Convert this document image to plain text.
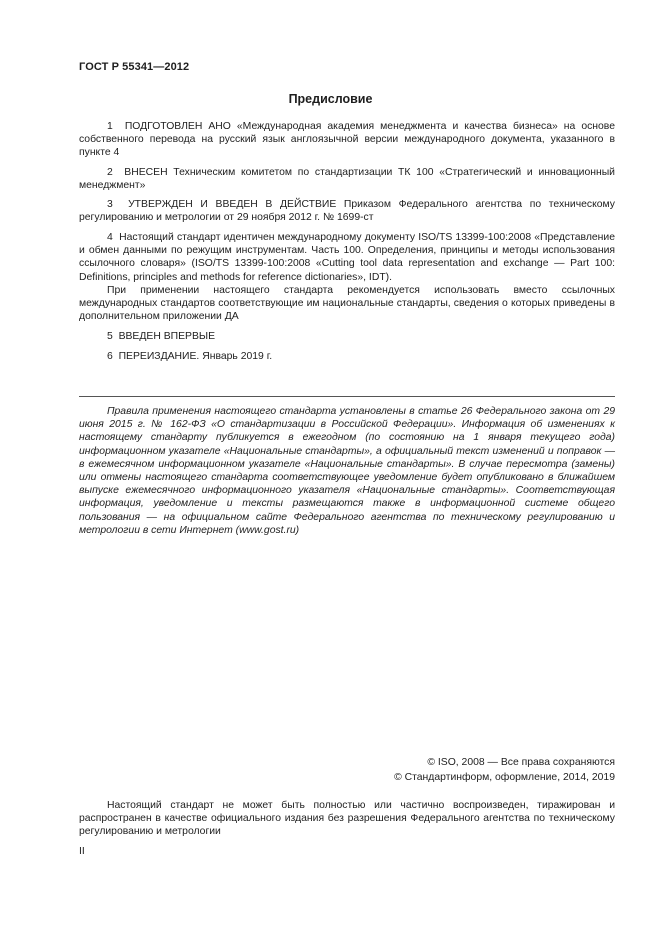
ГОСТ Р 55341—2012
Предисловие
1 ПОДГОТОВЛЕН АНО «Международная академия менеджмента и качества бизнеса» на основе собственного перевода на русский язык англоязычной версии международного документа, указанного в пункте 4
2 ВНЕСЕН Техническим комитетом по стандартизации ТК 100 «Стратегический и инновационный менеджмент»
3 УТВЕРЖДЕН И ВВЕДЕН В ДЕЙСТВИЕ Приказом Федерального агентства по техническому регулированию и метрологии от 29 ноября 2012 г. № 1699-ст
4 Настоящий стандарт идентичен международному документу ISO/TS 13399-100:2008 «Представление и обмен данными по режущим инструментам. Часть 100. Определения, принципы и методы использования ссылочного словаря» (ISO/TS 13399-100:2008 «Cutting tool data representation and exchange — Part 100: Definitions, principles and methods for reference dictionaries», IDT).
При применении настоящего стандарта рекомендуется использовать вместо ссылочных международных стандартов соответствующие им национальные стандарты, сведения о которых приведены в дополнительном приложении ДА
5 ВВЕДЕН ВПЕРВЫЕ
6 ПЕРЕИЗДАНИЕ. Январь 2019 г.
Правила применения настоящего стандарта установлены в статье 26 Федерального закона от 29 июня 2015 г. № 162-ФЗ «О стандартизации в Российской Федерации». Информация об изменениях к настоящему стандарту публикуется в ежегодном (по состоянию на 1 января текущего года) информационном указателе «Национальные стандарты», а официальный текст изменений и поправок — в ежемесячном информационном указателе «Национальные стандарты». В случае пересмотра (замены) или отмены настоящего стандарта соответствующее уведомление будет опубликовано в ближайшем выпуске ежемесячного информационного указателя «Национальные стандарты». Соответствующая информация, уведомление и тексты размещаются также в информационной системе общего пользования — на официальном сайте Федерального агентства по техническому регулированию и метрологии в сети Интернет (www.gost.ru)
© ISO, 2008 — Все права сохраняются
© Стандартинформ, оформление, 2014, 2019
Настоящий стандарт не может быть полностью или частично воспроизведен, тиражирован и распространен в качестве официального издания без разрешения Федерального агентства по техническому регулированию и метрологии
II
